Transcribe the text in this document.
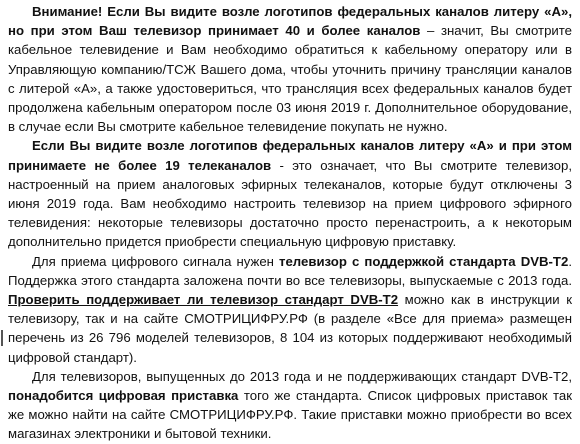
Внимание! Если Вы видите возле логотипов федеральных каналов литеру «А», но при этом Ваш телевизор принимает 40 и более каналов – значит, Вы смотрите кабельное телевидение и Вам необходимо обратиться к кабельному оператору или в Управляющую компанию/ТСЖ Вашего дома, чтобы уточнить причину трансляции каналов с литерой «А», а также удостовериться, что трансляция всех федеральных каналов будет продолжена кабельным оператором после 03 июня 2019 г. Дополнительное оборудование, в случае если Вы смотрите кабельное телевидение покупать не нужно.

Если Вы видите возле логотипов федеральных каналов литеру «А» и при этом принимаете не более 19 телеканалов - это означает, что Вы смотрите телевизор, настроенный на прием аналоговых эфирных телеканалов, которые будут отключены 3 июня 2019 года. Вам необходимо настроить телевизор на прием цифрового эфирного телевидения: некоторые телевизоры достаточно просто перенастроить, а к некоторым дополнительно придется приобрести специальную цифровую приставку.

Для приема цифрового сигнала нужен телевизор с поддержкой стандарта DVB-T2. Поддержка этого стандарта заложена почти во все телевизоры, выпускаемые с 2013 года. Проверить поддерживает ли телевизор стандарт DVB-T2 можно как в инструкции к телевизору, так и на сайте СМОТРИЦИФРУ.РФ (в разделе «Все для приема» размещен перечень из 26 796 моделей телевизоров, 8 104 из которых поддерживают необходимый цифровой стандарт).

Для телевизоров, выпущенных до 2013 года и не поддерживающих стандарт DVB-T2, понадобится цифровая приставка того же стандарта. Список цифровых приставок так же можно найти на сайте СМОТРИЦИФРУ.РФ. Такие приставки можно приобрести во всех магазинах электроники и бытовой техники.
